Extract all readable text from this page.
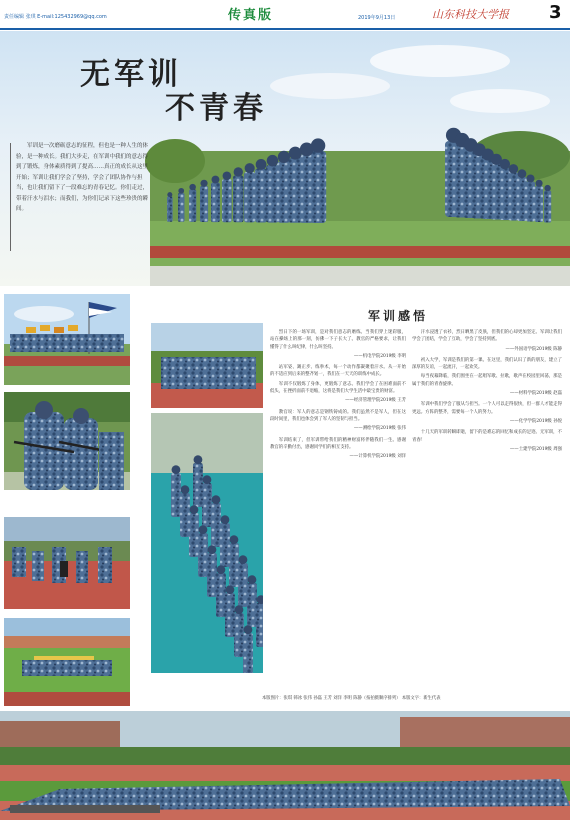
责任编辑 张琪 E-mail:125432969@qq.com	传真版	2019年9月13日	山东科技大学报 3
无军训
不青春
军训是一次磨砺意志的征程，但也是一种人生的体验，是一种成长。我们大步走，在军训中我们的意志得到了锻炼，身体素质得到了提高……真正的成长从这里开始；军训让我们学会了坚持，学会了团队协作与担当，也让我们留下了一段难忘的青春记忆。你们走过，带着汗水与泪水；而我们，为你们记录下这些珍贵的瞬间。
军训感悟

烈日下的一场军训，是对我们意志的磨练。当我们穿上迷彩服，站在操场上的那一刻，仿佛一下子长大了。教官的严格要求，让我们懂得了什么叫纪律，什么叫坚持。

——机电学院2019级 李明

站军姿、踢正步、练拳术，每一个动作都凝聚着汗水。从一开始的不适应到后来的整齐划一，我们在一天天的训练中成长。

军训不仅锻炼了身体，更锻炼了意志。我们学会了在困难面前不低头，在挫折面前不退缩，这将是我们大学生活中最宝贵的财富。

——经济管理学院2019级 王芳

教官说：军人的意志是钢铁铸成的。我们虽然不是军人，但在这段时间里，我们也体会到了军人的坚韧与担当。

——测绘学院2019级 张伟

军训结束了，但军训带给我们的精神财富将伴随我们一生。感谢教官的辛勤付出，感谢同学们的相互支持。

——计算机学院2019级 刘洋

汗水浸透了衣衫，烈日晒黑了皮肤，但我们的心却更加坚定。军训让我们学会了团结，学会了互助，学会了坚持到底。

——外国语学院2019级 陈静

初入大学，军训是我们的第一课。在这里，我们认识了新的朋友，建立了深厚的友谊，一起流汗，一起欢笑。

每当夜幕降临，我们围坐在一起唱军歌、拉歌，歌声在校园里回荡，那是属于我们的青春旋律。

——材料学院2019级 赵磊

军训中我们学会了服从与担当。一个人可以走得很快，但一群人才能走得更远。方阵的整齐，需要每一个人的努力。

——化学学院2019级 孙悦

十几天的军训转瞬即逝，留下的是难忘的回忆和成长的足迹。无军训，不青春！

——土建学院2019级 周强

本版图片：张琪 韩冰 张伟 孙磊 王芳 刘洋 李明 陈静（按拍摄顺序排列） 本版文字：新生代表
